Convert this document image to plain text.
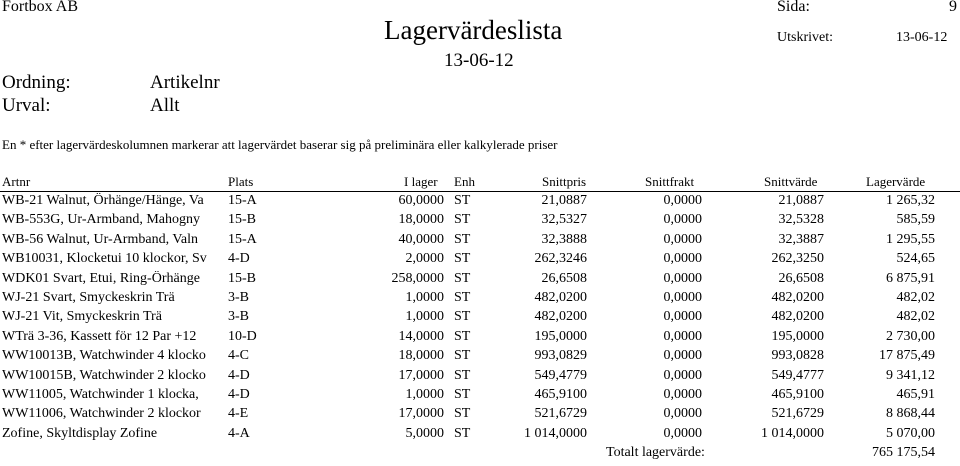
Fortbox AB	Sida:	9
Lagervärdeslista	Utskrivet:	13-06-12
13-06-12
Ordning:	Artikelnr
Urval:	Allt
En * efter lagervärdeskolumnen markerar att lagervärdet baserar sig på preliminära eller kalkylerade priser
Artnr	Plats	I lager Enh	Snittpris	Snittfrakt	Snittvärde	Lagervärde
WB-21 Walnut, Örhänge/Hänge, Va	15-A	60,0000 ST	21,0887	0,0000	21,0887	1 265,32
WB-553G, Ur-Armband, Mahogny	15-B	18,0000 ST	32,5327	0,0000	32,5328	585,59
WB-56 Walnut, Ur-Armband, Valn	15-A	40,0000 ST	32,3888	0,0000	32,3887	1 295,55
WB10031, Klocketui 10 klockor, Sv	4-D	2,0000 ST	262,3246	0,0000	262,3250	524,65
WDK01 Svart, Etui, Ring-Örhänge	15-B	258,0000 ST	26,6508	0,0000	26,6508	6 875,91
WJ-21 Svart, Smyckeskrin Trä	3-B	1,0000 ST	482,0200	0,0000	482,0200	482,02
WJ-21 Vit, Smyckeskrin Trä	3-B	1,0000 ST	482,0200	0,0000	482,0200	482,02
WTrä 3-36, Kassett för 12 Par +12	10-D	14,0000 ST	195,0000	0,0000	195,0000	2 730,00
WW10013B, Watchwinder 4 klocko	4-C	18,0000 ST	993,0829	0,0000	993,0828	17 875,49
WW10015B, Watchwinder 2 klocko	4-D	17,0000 ST	549,4779	0,0000	549,4777	9 341,12
WW11005, Watchwinder 1 klocka,	4-D	1,0000 ST	465,9100	0,0000	465,9100	465,91
WW11006, Watchwinder 2 klockor	4-E	17,0000 ST	521,6729	0,0000	521,6729	8 868,44
Zofine, Skyltdisplay Zofine	4-A	5,0000 ST	1 014,0000	0,0000	1 014,0000	5 070,00
Totalt lagervärde:	765 175,54
